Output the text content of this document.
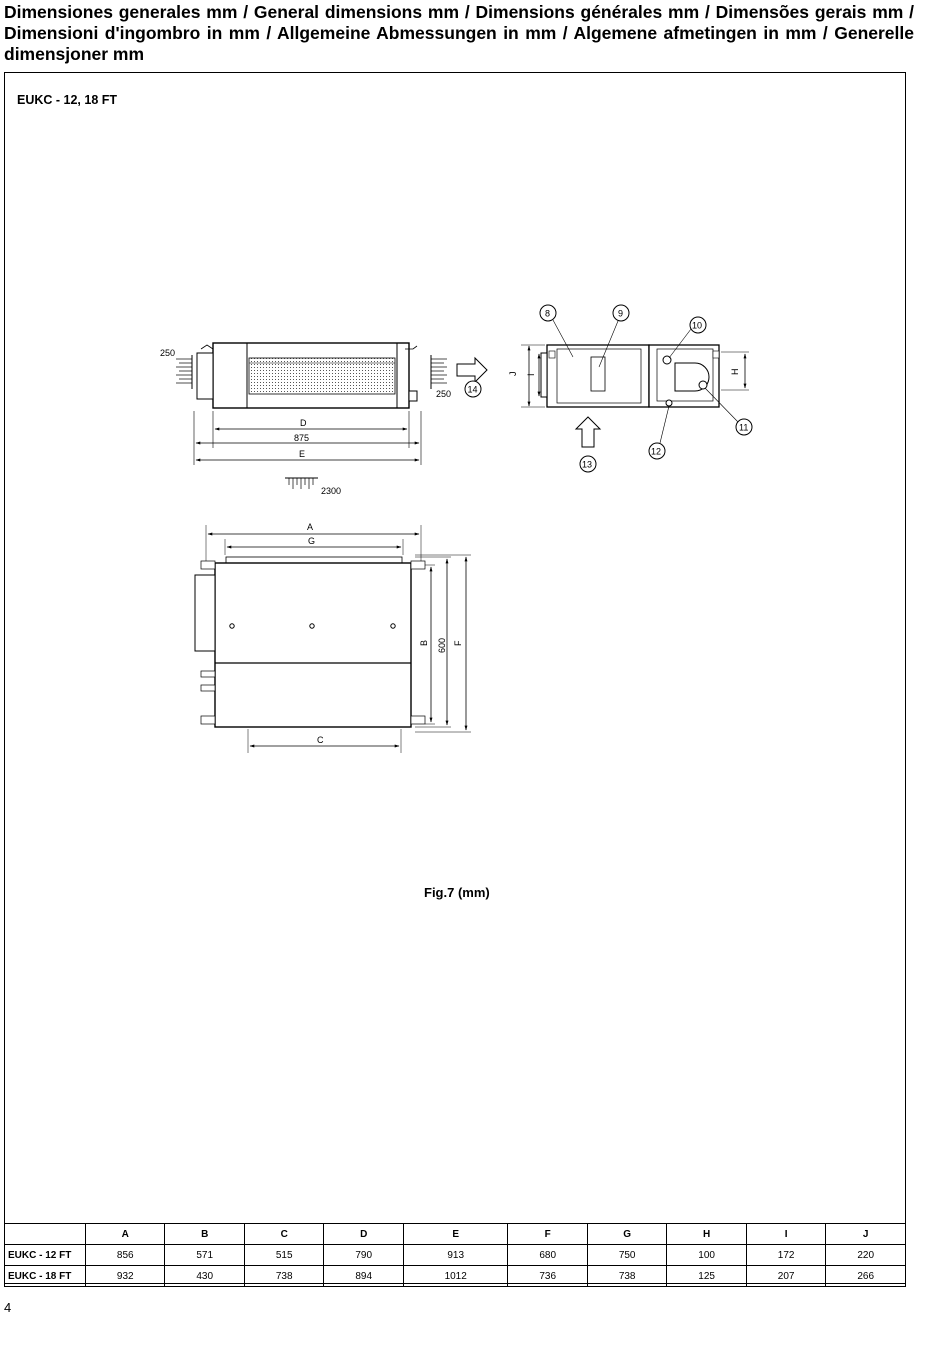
Dimensiones generales mm / General dimensions mm / Dimensions générales mm / Dimensões gerais mm / Dimensioni d'ingombro in mm / Allgemeine Abmessungen in mm / Algemene afmetingen in mm / Generelle dimensjoner mm
EUKC - 12, 18 FT
250
250
D
875
E
2300
14
J I	H
8	9
10
11
12
13
A
G
B 600 F
C
Fig.7 (mm)
	A	B	C	D	E	F	G	H	I	J
EUKC - 12 FT	856	571	515	790	913	680	750	100	172	220
EUKC - 18 FT	932	430	738	894	1012	736	738	125	207	266
4
